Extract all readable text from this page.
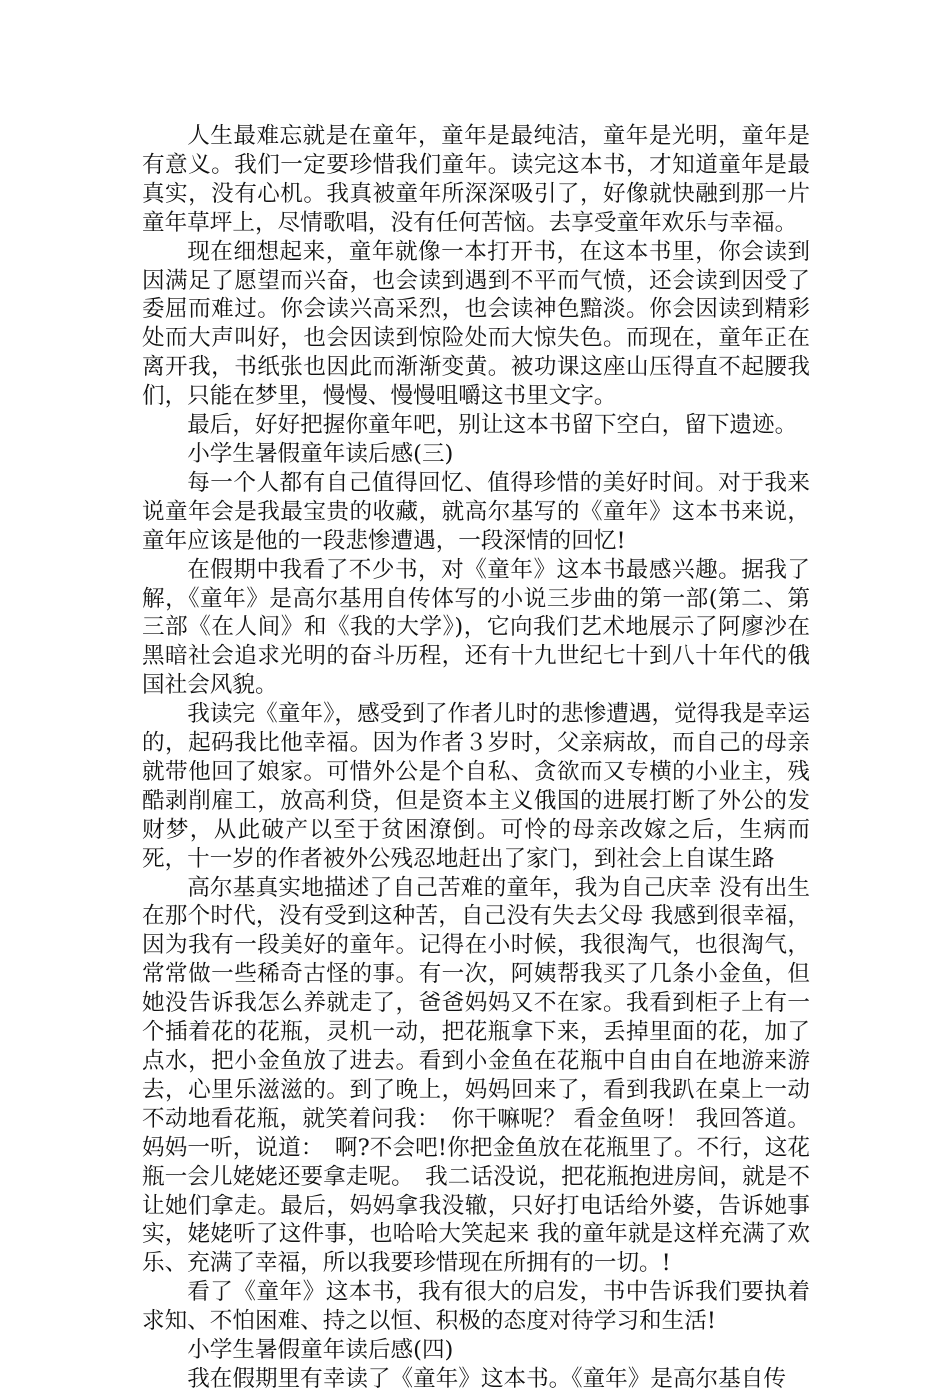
人生最难忘就是在童年，童年是最纯洁，童年是光明，童年是有意义。我们一定要珍惜我们童年。读完这本书，才知道童年是最真实，没有心机。我真被童年所深深吸引了，好像就快融到那一片童年草坪上，尽情歌唱，没有任何苦恼。去享受童年欢乐与幸福。

现在细想起来，童年就像一本打开书，在这本书里，你会读到因满足了愿望而兴奋，也会读到遇到不平而气愤，还会读到因受了委屈而难过。你会读兴高采烈，也会读神色黯淡。你会因读到精彩处而大声叫好，也会因读到惊险处而大惊失色。而现在，童年正在离开我，书纸张也因此而渐渐变黄。被功课这座山压得直不起腰我们，只能在梦里，慢慢、慢慢咀嚼这书里文字。

最后，好好把握你童年吧，别让这本书留下空白，留下遗迹。

小学生暑假童年读后感(三)

每一个人都有自己值得回忆、值得珍惜的美好时间。对于我来说童年会是我最宝贵的收藏，就高尔基写的《童年》这本书来说，童年应该是他的一段悲惨遭遇，一段深情的回忆!

在假期中我看了不少书，对《童年》这本书最感兴趣。据我了解，《童年》是高尔基用自传体写的小说三步曲的第一部(第二、第三部《在人间》和《我的大学》)，它向我们艺术地展示了阿廖沙在黑暗社会追求光明的奋斗历程，还有十九世纪七十到八十年代的俄国社会风貌。

我读完《童年》，感受到了作者儿时的悲惨遭遇，觉得我是幸运的，起码我比他幸福。因为作者３岁时，父亲病故，而自己的母亲就带他回了娘家。可惜外公是个自私、贪欲而又专横的小业主，残酷剥削雇工，放高利贷，但是资本主义俄国的进展打断了外公的发财梦，从此破产以至于贫困潦倒。可怜的母亲改嫁之后，生病而死，十一岁的作者被外公残忍地赶出了家门，到社会上自谋生路

高尔基真实地描述了自己苦难的童年，我为自己庆幸 没有出生在那个时代，没有受到这种苦，自己没有失去父母 我感到很幸福，因为我有一段美好的童年。记得在小时候，我很淘气，也很淘气，常常做一些稀奇古怪的事。有一次，阿姨帮我买了几条小金鱼，但她没告诉我怎么养就走了，爸爸妈妈又不在家。我看到柜子上有一个插着花的花瓶，灵机一动，把花瓶拿下来，丢掉里面的花，加了点水，把小金鱼放了进去。看到小金鱼在花瓶中自由自在地游来游去，心里乐滋滋的。到了晚上，妈妈回来了，看到我趴在桌上一动不动地看花瓶，就笑着问我：　你干嘛呢？ 看金鱼呀！ 我回答道。妈妈一听，说道：　啊?不会吧!你把金鱼放在花瓶里了。不行，这花瓶一会儿姥姥还要拿走呢。　我二话没说，把花瓶抱进房间，就是不让她们拿走。最后，妈妈拿我没辙，只好打电话给外婆，告诉她事实，姥姥听了这件事，也哈哈大笑起来 我的童年就是这样充满了欢乐、充满了幸福，所以我要珍惜现在所拥有的一切。!

看了《童年》这本书，我有很大的启发，书中告诉我们要执着求知、不怕困难、持之以恒、积极的态度对待学习和生活!

小学生暑假童年读后感(四)

我在假期里有幸读了《童年》这本书。《童年》是高尔基自传
